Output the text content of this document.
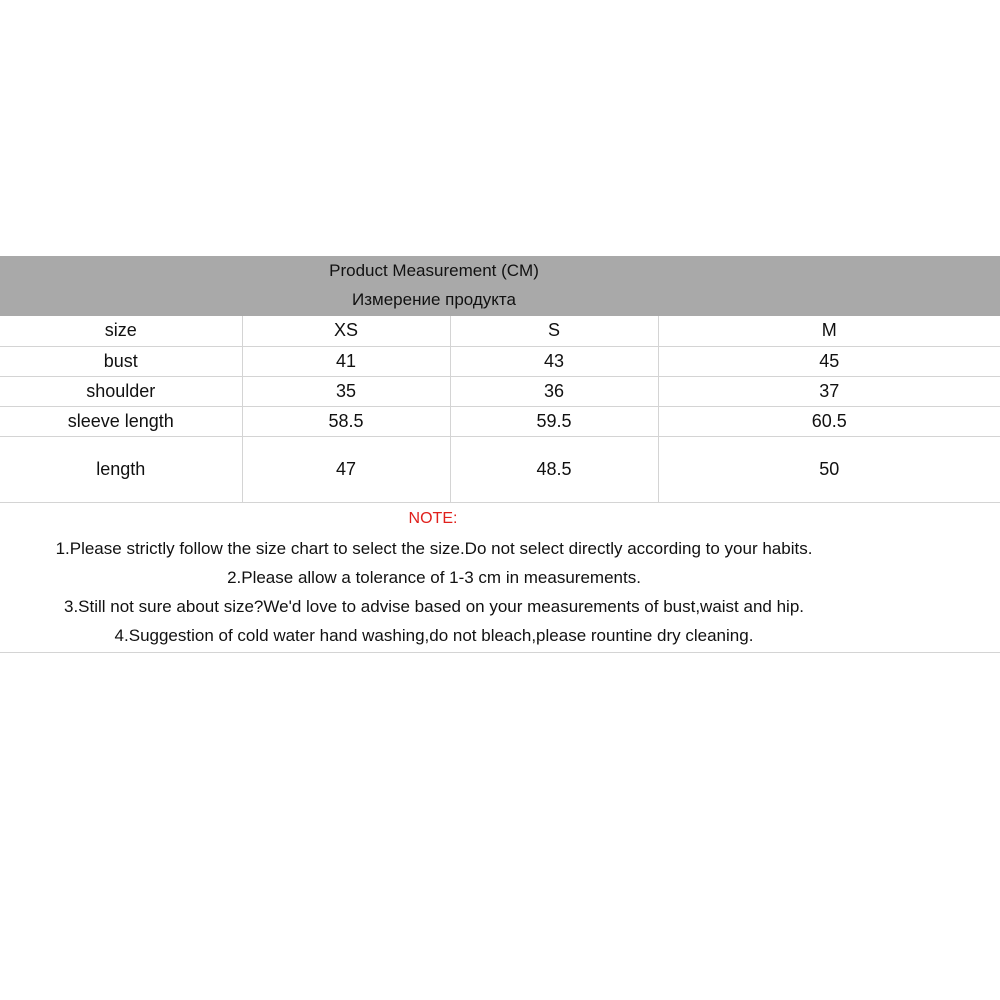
Product Measurement (CM)
Измерение продукта
size	XS	S	M
bust	41	43	45
shoulder	35	36	37
sleeve length	58.5	59.5	60.5
length	47	48.5	50
NOTE:
1.Please strictly follow the size chart to select the size.Do not select directly according to your habits.
2.Please allow a tolerance of 1-3 cm in measurements.
3.Still not sure about size?We'd love to advise based on your measurements of bust,waist and hip.
4.Suggestion of cold water hand washing,do not bleach,please rountine dry cleaning.
